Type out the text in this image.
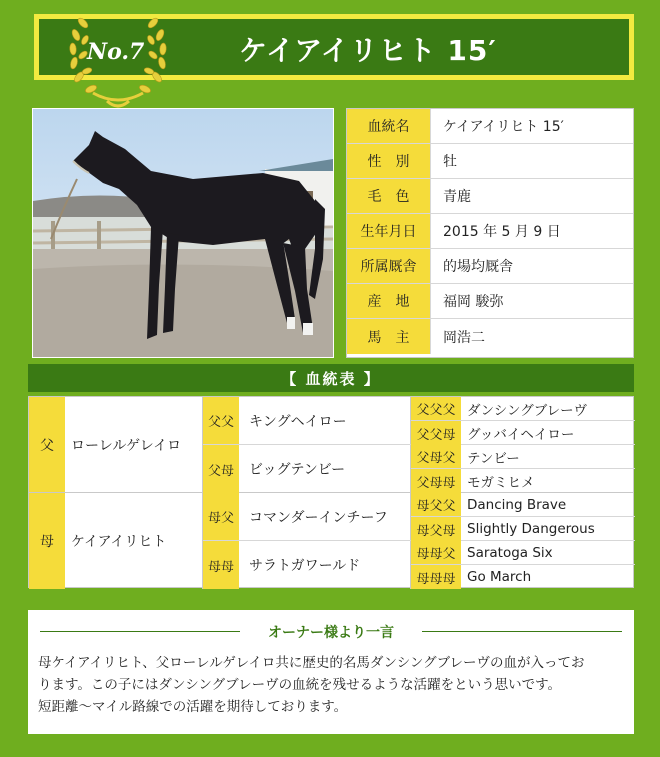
No.7	ケイアイリヒト 15′
血統名	ケイアイリヒト 15′
性　別	牡
毛　色	青鹿
生年月日	2015 年 5 月 9 日
所属厩舎	的場均厩舎
産　地	福岡 駿弥
馬　主	岡浩二
【 血統表 】
父	ローレルゲレイロ
父父	キングヘイロー
父父父 ダンシングブレーヴ
父父母 グッバイヘイロー
父母	ビッグテンビー
父母父 テンビー
父母母 モガミヒメ
母	ケイアイリヒト
母父	コマンダーインチーフ
母父父 Dancing Brave
母父母 Slightly Dangerous
母母	サラトガワールド
母母父 Saratoga Six
母母母 Go March
オーナー様より一言
母ケイアイリヒト、父ローレルゲレイロ共に歴史的名馬ダンシングブレーヴの血が入ってお
ります。この子にはダンシングブレーヴの血統を残せるような活躍をという思いです。
短距離～マイル路線での活躍を期待しております。
